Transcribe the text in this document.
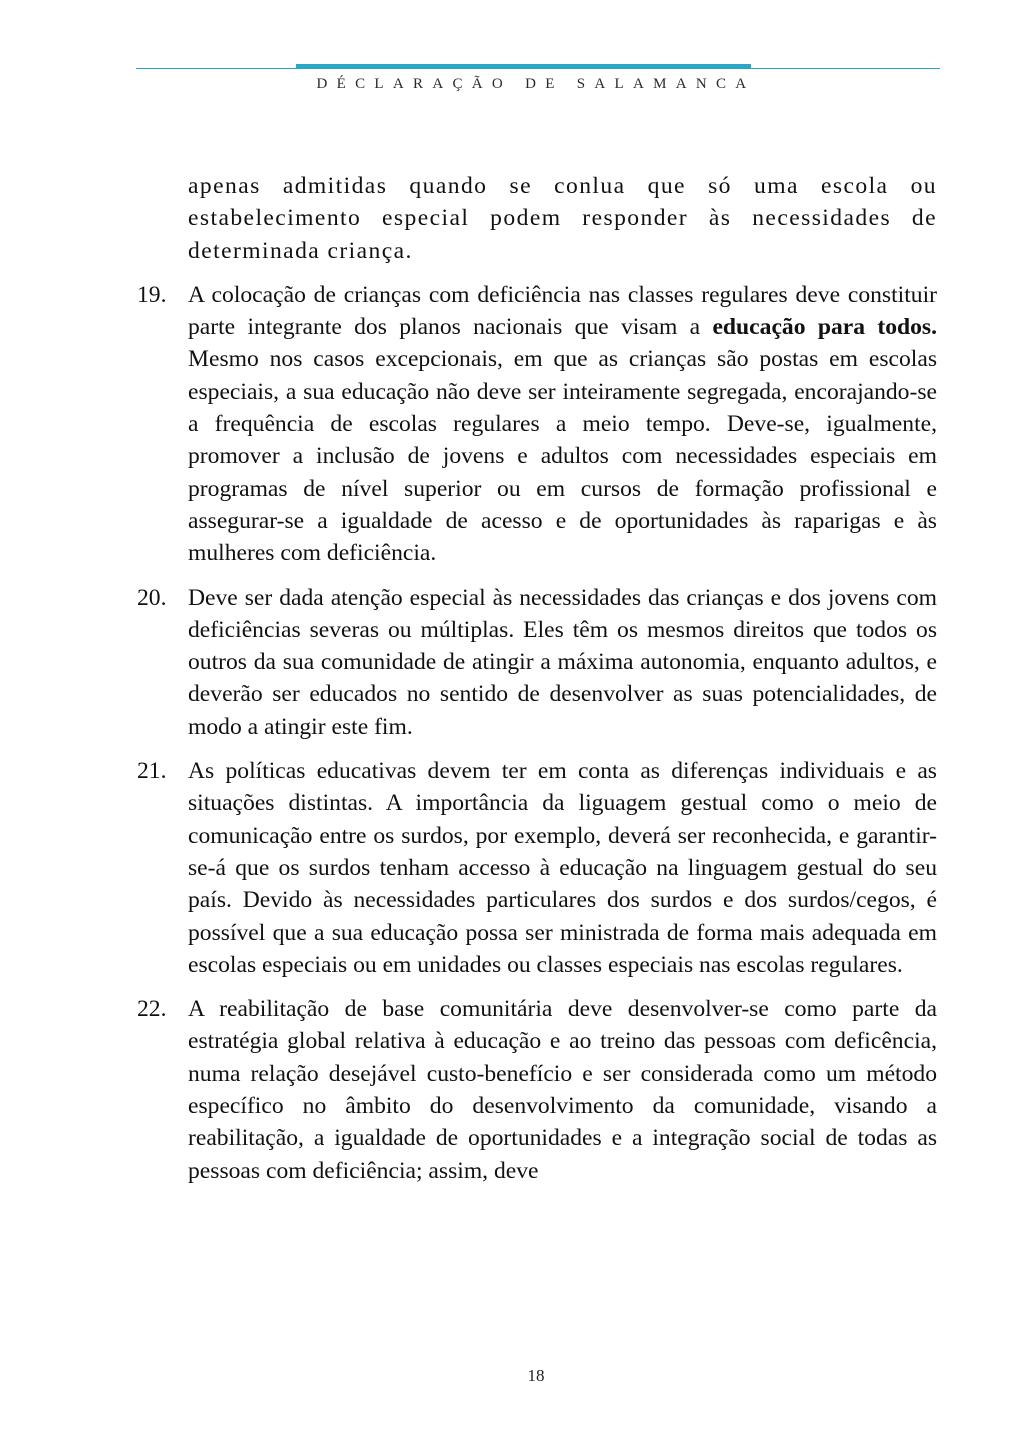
DÉCLARAÇÃO DE SALAMANCA
apenas admitidas quando se conlua que só uma escola ou estabelecimento especial podem responder às necessidades de determinada criança.
19. A colocação de crianças com deficiência nas classes regulares deve constituir parte integrante dos planos nacionais que visam a educação para todos. Mesmo nos casos excepcionais, em que as crianças são postas em escolas especiais, a sua educação não deve ser inteiramente segregada, encorajando-se a frequência de escolas regulares a meio tempo. Deve-se, igualmente, promover a inclusão de jovens e adultos com necessidades especiais em programas de nível superior ou em cursos de formação profissional e assegurar-se a igualdade de acesso e de oportunidades às raparigas e às mulheres com deficiência.
20. Deve ser dada atenção especial às necessidades das crianças e dos jovens com deficiências severas ou múltiplas. Eles têm os mesmos direitos que todos os outros da sua comunidade de atingir a máxima autonomia, enquanto adultos, e deverão ser educados no sentido de desenvolver as suas potencialidades, de modo a atingir este fim.
21. As políticas educativas devem ter em conta as diferenças individuais e as situações distintas. A importância da liguagem gestual como o meio de comunicação entre os surdos, por exemplo, deverá ser reconhecida, e garantir-se-á que os surdos tenham accesso à educação na linguagem gestual do seu país. Devido às necessidades particulares dos surdos e dos surdos/cegos, é possível que a sua educação possa ser ministrada de forma mais adequada em escolas especiais ou em unidades ou classes especiais nas escolas regulares.
22. A reabilitação de base comunitária deve desenvolver-se como parte da estratégia global relativa à educação e ao treino das pessoas com deficência, numa relação desejável custo-benefício e ser considerada como um método específico no âmbito do desenvolvimento da comunidade, visando a reabilitação, a igualdade de oportunidades e a integração social de todas as pessoas com deficiência; assim, deve
18
